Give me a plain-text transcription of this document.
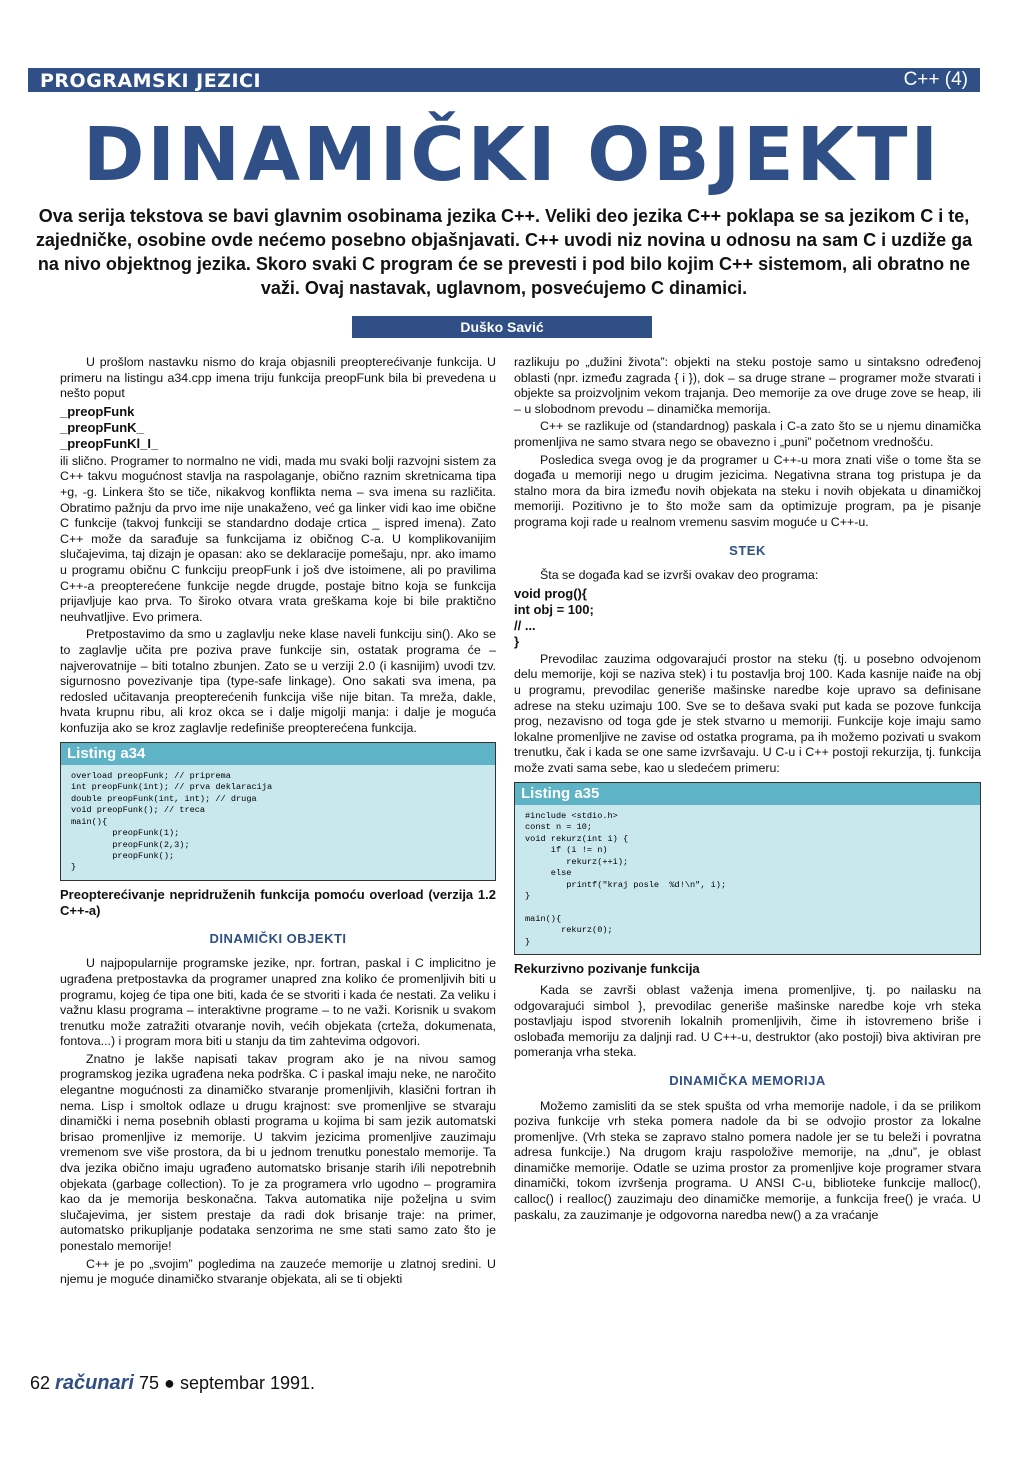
PROGRAMSKI JEZICI	C++ (4)
DINAMIČKI OBJEKTI
Ova serija tekstova se bavi glavnim osobinama jezika C++. Veliki deo jezika C++ poklapa se sa jezikom C i te, zajedničke, osobine ovde nećemo posebno objašnjavati. C++ uvodi niz novina u odnosu na sam C i uzdiže ga na nivo objektnog jezika. Skoro svaki C program će se prevesti i pod bilo kojim C++ sistemom, ali obratno ne važi. Ovaj nastavak, uglavnom, posvećujemo C dinamici.
Duško Savić

U prošlom nastavku nismo do kraja objasnili preopterećivanje funkcija. U primeru na listingu a34.cpp imena triju funkcija preopFunk bila bi prevedena u nešto poput

_preopFunk
_preopFunK_
_preopFunKl_I_

ili slično. Programer to normalno ne vidi, mada mu svaki bolji razvojni sistem za C++ takvu mogućnost stavlja na raspolaganje, obično raznim skretnicama tipa +g, -g. Linkera što se tiče, nikakvog konflikta nema – sva imena su različita. Obratimo pažnju da prvo ime nije unakaženo, već ga linker vidi kao ime obične C funkcije (takvoj funkciji se standardno dodaje crtica _ ispred imena). Zato C++ može da sarađuje sa funkcijama iz običnog C-a. U komplikovanijim slučajevima, taj dizajn je opasan: ako se deklaracije pomešaju, npr. ako imamo u programu običnu C funkciju preopFunk i još dve istoimene, ali po pravilima C++-a preopterećene funkcije negde drugde, postaje bitno koja se funkcija prijavljuje kao prva. To široko otvara vrata greškama koje bi bile praktično neuhvatljive. Evo primera.

Pretpostavimo da smo u zaglavlju neke klase naveli funkciju sin(). Ako se to zaglavlje učita pre poziva prave funkcije sin, ostatak programa će – najverovatnije – biti totalno zbunjen. Zato se u verziji 2.0 (i kasnijim) uvodi tzv. sigurnosno povezivanje tipa (type-safe linkage). Ono sakati sva imena, pa redosled učitavanja preopterećenih funkcija više nije bitan. Ta mreža, dakle, hvata krupnu ribu, ali kroz okca se i dalje migolji manja: i dalje je moguća konfuzija ako se kroz zaglavlje redefiniše preopterećena funkcija.

Listing a34
overload preopFunk; // priprema
int preopFunk(int); // prva deklaracija
double preopFunk(int, int); // druga
void preopFunk(); // treca
main(){
preopFunk(1);
preopFunk(2,3);
preopFunk();
}
Preopterećivanje nepridruženih funkcija pomoću overload (verzija 1.2 C++-a)
DINAMIČKI OBJEKTI

U najpopularnije programske jezike, npr. fortran, paskal i C implicitno je ugrađena pretpostavka da programer unapred zna koliko će promenljivih biti u programu, kojeg će tipa one biti, kada će se stvoriti i kada će nestati. Za veliku i važnu klasu programa – interaktivne programe – to ne važi. Korisnik u svakom trenutku može zatražiti otvaranje novih, većih objekata (crteža, dokumenata, fontova...) i program mora biti u stanju da tim zahtevima odgovori.

Znatno je lakše napisati takav program ako je na nivou samog programskog jezika ugrađena neka podrška. C i paskal imaju neke, ne naročito elegantne mogućnosti za dinamičko stvaranje promenljivih, klasični fortran ih nema. Lisp i smoltok odlaze u drugu krajnost: sve promenljive se stvaraju dinamički i nema posebnih oblasti programa u kojima bi sam jezik automatski brisao promenljive iz memorije. U takvim jezicima promenljive zauzimaju vremenom sve više prostora, da bi u jednom trenutku ponestalo memorije. Ta dva jezika obično imaju ugrađeno automatsko brisanje starih i/ili nepotrebnih objekata (garbage collection). To je za programera vrlo ugodno – programira kao da je memorija beskonačna. Takva automatika nije poželjna u svim slučajevima, jer sistem prestaje da radi dok brisanje traje: na primer, automatsko prikupljanje podataka senzorima ne sme stati samo zato što je ponestalo memorije!

C++ je po „svojim” pogledima na zauzeće memorije u zlatnoj sredini. U njemu je moguće dinamičko stvaranje objekata, ali se ti objekti

razlikuju po „dužini života”: objekti na steku postoje samo u sintaksno određenoj oblasti (npr. između zagrada { i }), dok – sa druge strane – programer može stvarati i objekte sa proizvoljnim vekom trajanja. Deo memorije za ove druge zove se heap, ili – u slobodnom prevodu – dinamička memorija.

C++ se razlikuje od (standardnog) paskala i C-a zato što se u njemu dinamička promenljiva ne samo stvara nego se obavezno i „puni” početnom vrednošću.

Posledica svega ovog je da programer u C++-u mora znati više o tome šta se događa u memoriji nego u drugim jezicima. Negativna strana tog pristupa je da stalno mora da bira između novih objekata na steku i novih objekata u dinamičkoj memoriji. Pozitivno je to što može sam da optimizuje program, pa je pisanje programa koji rade u realnom vremenu sasvim moguće u C++-u.

STEK

Šta se događa kad se izvrši ovakav deo programa:

void prog(){
int obj = 100;
// ...
}

Prevodilac zauzima odgovarajući prostor na steku (tj. u posebno odvojenom delu memorije, koji se naziva stek) i tu postavlja broj 100. Kada kasnije naiđe na obj u programu, prevodilac generiše mašinske naredbe koje upravo sa definisane adrese na steku uzimaju 100. Sve se to dešava svaki put kada se pozove funkcija prog, nezavisno od toga gde je stek stvarno u memoriji. Funkcije koje imaju samo lokalne promenljive ne zavise od ostatka programa, pa ih možemo pozivati u svakom trenutku, čak i kada se one same izvršavaju. U C-u i C++ postoji rekurzija, tj. funkcija može zvati sama sebe, kao u sledećem primeru:

Listing a35
#include <stdio.h>
const n = 10;
void rekurz(int i) {
if (i != n)
rekurz(++i);
else
printf("kraj posle  %d!\n", i);
}

main(){
rekurz(0);
}
Rekurzivno pozivanje funkcija

Kada se završi oblast važenja imena promenljive, tj. po nailasku na odgovarajući simbol }, prevodilac generiše mašinske naredbe koje vrh steka postavljaju ispod stvorenih lokalnih promenljivih, čime ih istovremeno briše i oslobađa memoriju za daljnji rad. U C++-u, destruktor (ako postoji) biva aktiviran pre pomeranja vrha steka.

DINAMIČKA MEMORIJA

Možemo zamisliti da se stek spušta od vrha memorije nadole, i da se prilikom poziva funkcije vrh steka pomera nadole da bi se odvojio prostor za lokalne promenljve. (Vrh steka se zapravo stalno pomera nadole jer se tu beleži i povratna adresa funkcije.) Na drugom kraju raspoložive memorije, na „dnu”, je oblast dinamičke memorije. Odatle se uzima prostor za promenljive koje programer stvara dinamički, tokom izvršenja programa. U ANSI C-u, biblioteke funkcije malloc(), calloc() i realloc() zauzimaju deo dinamičke memorije, a funkcija free() je vraća. U paskalu, za zauzimanje je odgovorna naredba new() a za vraćanje

62 računari 75 ● septembar 1991.
